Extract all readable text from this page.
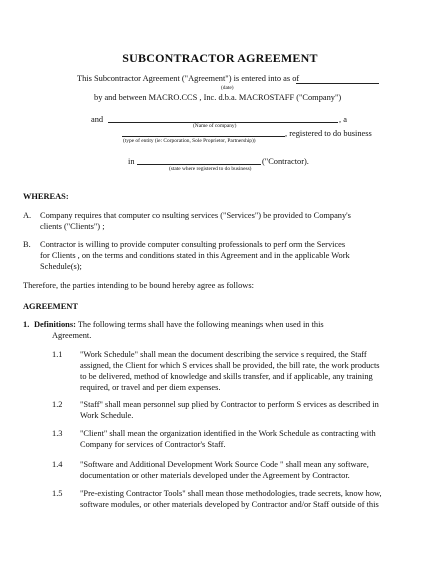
SUBCONTRACTOR AGREEMENT
This Subcontractor Agreement ("Agreement") is entered into as of
(date)
by and between MACRO.CCS , Inc. d.b.a. MACROSTAFF ("Company")
and	, a
(Name of company)
, registered to do business
(type of entity (ie: Corporation, Sole Proprietor, Partnership))
in	("Contractor).
(state where registered to do business)
WHEREAS:
A. Company requires that computer co nsulting services ("Services") be provided to Company's
clients ("Clients") ;
B. Contractor is willing to provide computer consulting professionals to perf orm the Services
for Clients , on the terms and conditions stated in this Agreement and in the applicable Work
Schedule(s);
Therefore, the parties intending to be bound hereby agree as follows:
AGREEMENT
1. Definitions: The following terms shall have the following meanings when used in this
Agreement.
1.1 "Work Schedule" shall mean the document describing the service s required, the Staff
assigned, the Client for which S ervices shall be provided, the bill rate, the work products
to be delivered, method of knowledge and skills transfer, and if applicable, any training
required, or travel and per diem expenses.
1.2 "Staff" shall mean personnel sup plied by Contractor to perform S ervices as described in
Work Schedule.
1.3 "Client" shall mean the organization identified in the Work Schedule as contracting with
Company for services of Contractor's Staff.
1.4 "Software and Additional Development Work Source Code " shall mean any software,
documentation or other materials developed under the Agreement by Contractor.
1.5 "Pre-existing Contractor Tools" shall mean those methodologies, trade secrets, know how,
software modules, or other materials developed by Contractor and/or Staff outside of this
